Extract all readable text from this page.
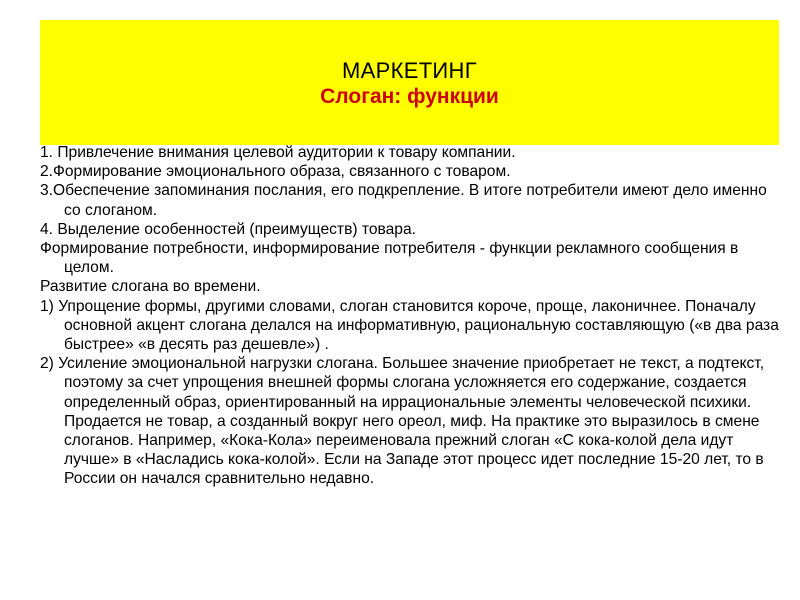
МАРКЕТИНГ
Слоган: функции

1. Привлечение внимания целевой аудитории к товару компании.

2.Формирование эмоционального образа, связанного с товаром.

3.Обеспечение запоминания послания, его подкрепление. В итоге потребители имеют дело именно со слоганом.

4. Выделение особенностей (преимуществ) товара.

Формирование потребности, информирование потребителя - функции рекламного сообщения в целом.

Развитие слогана во времени.

1) Упрощение формы, другими словами, слоган становится короче, проще, лаконичнее. Поначалу основной акцент слогана делался на информативную, рациональную составляющую («в два раза быстрее» «в десять раз дешевле») .

2) Усиление эмоциональной нагрузки слогана. Большее значение приобретает не текст, а подтекст, поэтому за счет упрощения внешней формы слогана усложняется его содержание, создается определенный образ, ориентированный на иррациональные элементы человеческой психики. Продается не товар, а созданный вокруг него ореол, миф. На практике это выразилось в смене слоганов. Например, «Кока-Кола» переименовала прежний слоган «С кока-колой дела идут лучше» в «Насладись кока-колой». Если на Западе этот процесс идет последние 15-20 лет, то в России он начался сравнительно недавно.
